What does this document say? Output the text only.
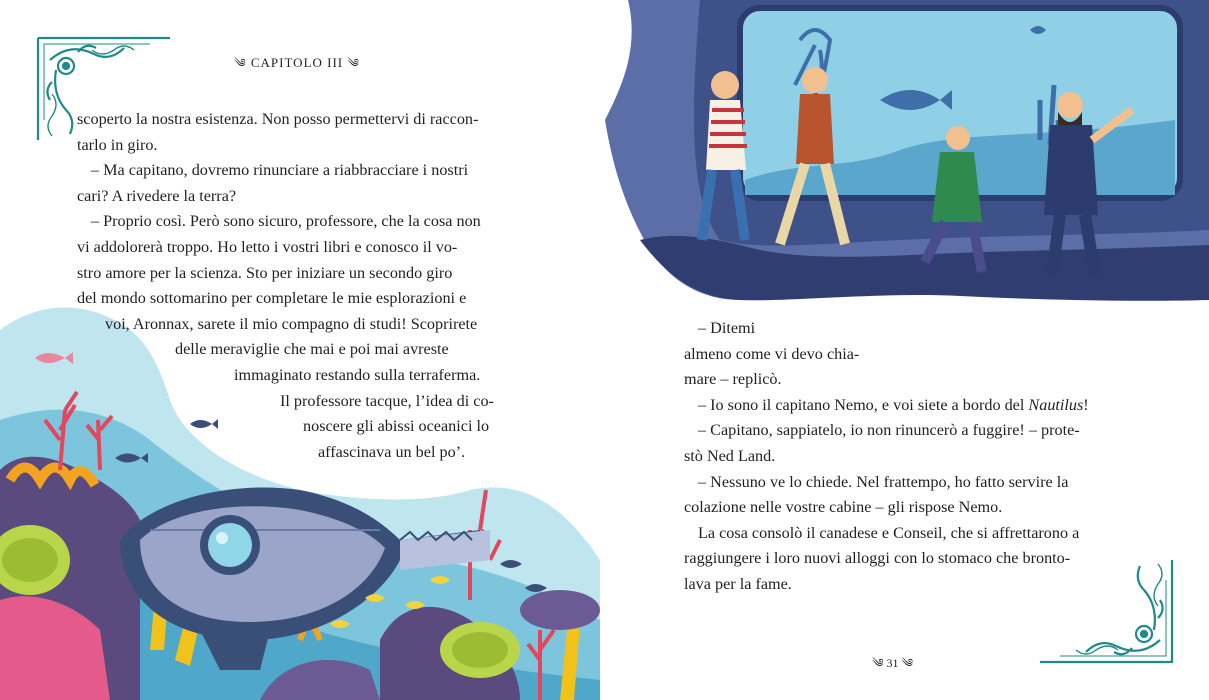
༄ CAPITOLO III ༄

scoperto la nostra esistenza. Non posso permettervi di raccon-
tarlo in giro.

– Ma capitano, dovremo rinunciare a riabbracciare i nostri
cari? A rivedere la terra?

– Proprio così. Però sono sicuro, professore, che la cosa non
vi addolorerà troppo. Ho letto i vostri libri e conosco il vo-
stro amore per la scienza. Sto per iniziare un secondo giro
del mondo sottomarino per completare le mie esplorazioni e
voi, Aronnax, sarete il mio compagno di studi! Scoprirete
delle meraviglie che mai e poi mai avreste
immaginato restando sulla terraferma.

Il professore tacque, l’idea di co-
noscere gli abissi oceanici lo
affascinava un bel po’.

– Ditemi
almeno come vi devo chia-
mare – replicò.

– Io sono il capitano Nemo, e voi siete a bordo del Nautilus!

– Capitano, sappiatelo, io non rinuncerò a fuggire! – prote-
stò Ned Land.

– Nessuno ve lo chiede. Nel frattempo, ho fatto servire la
colazione nelle vostre cabine – gli rispose Nemo.

La cosa consolò il canadese e Conseil, che si affrettarono a
raggiungere i loro nuovi alloggi con lo stomaco che bronto-
lava per la fame.

༄ 31 ༄
